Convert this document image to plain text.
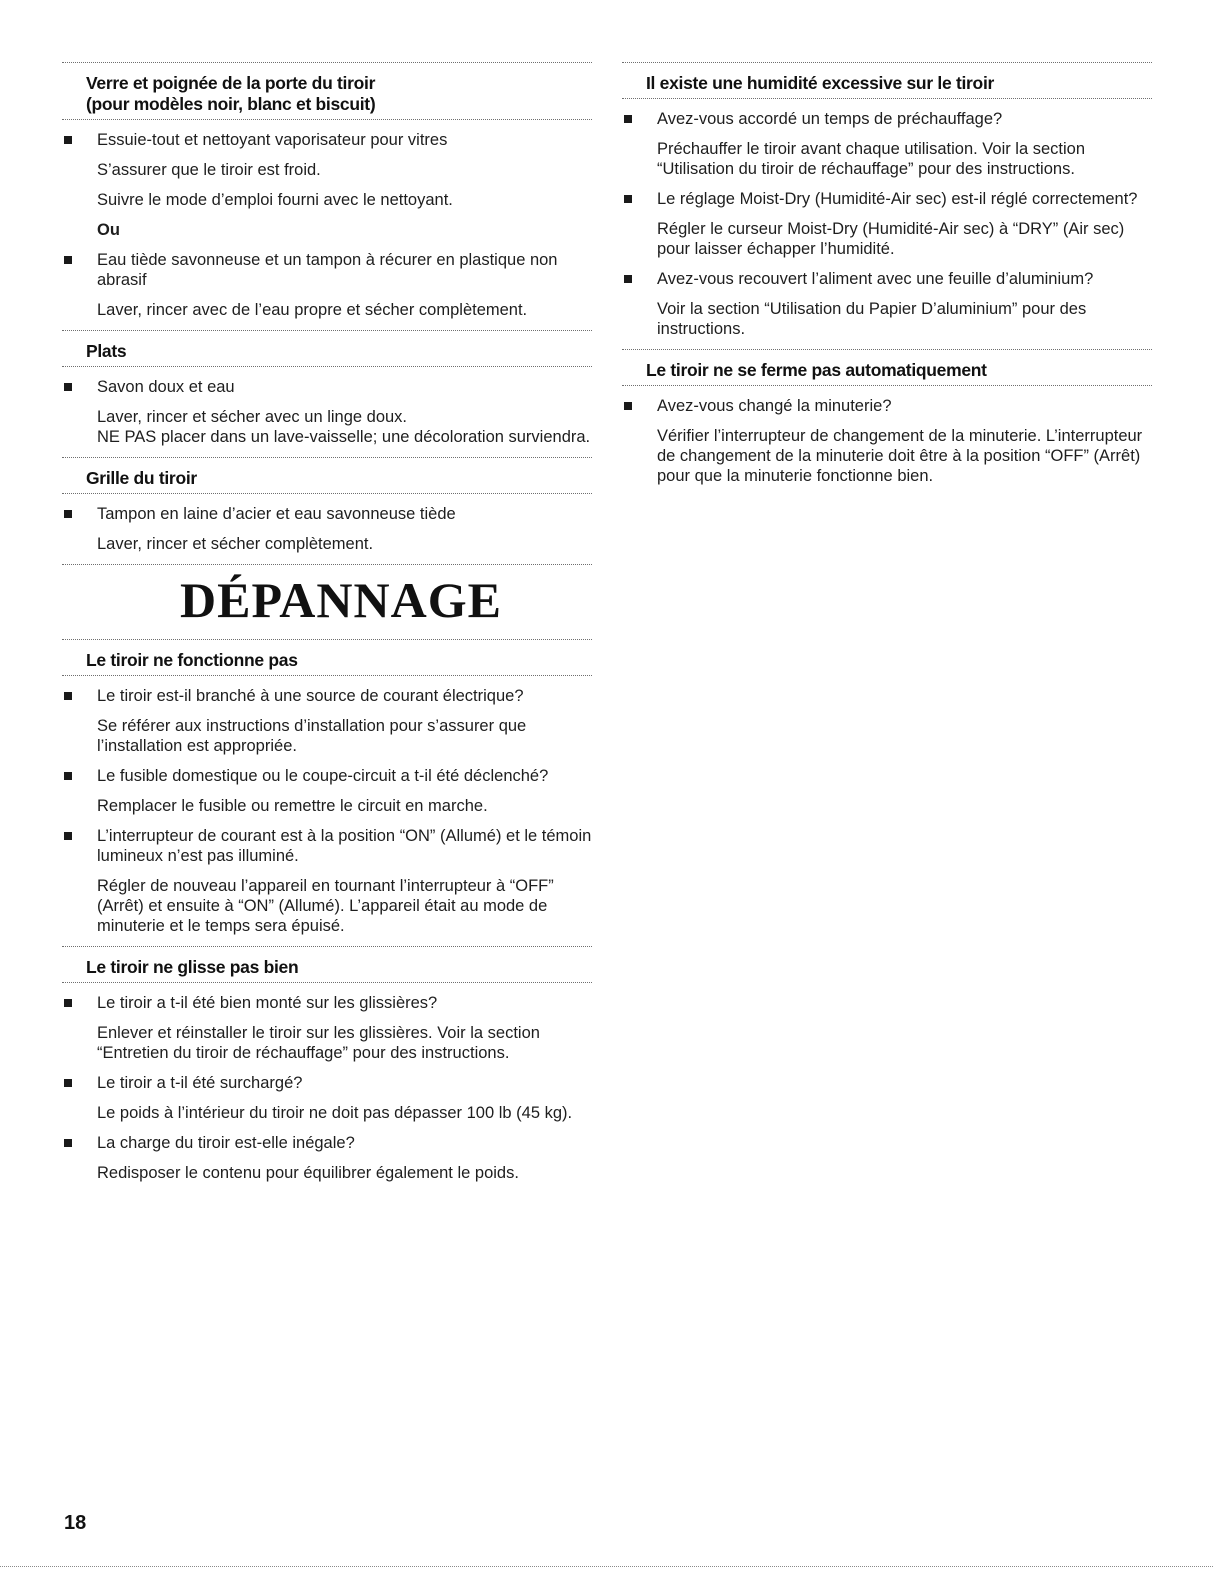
Verre et poignée de la porte du tiroir
(pour modèles noir, blanc et biscuit)
Essuie-tout et nettoyant vaporisateur pour vitres
S’assurer que le tiroir est froid.
Suivre le mode d’emploi fourni avec le nettoyant.
Ou
Eau tiède savonneuse et un tampon à récurer en plastique non abrasif
Laver, rincer avec de l’eau propre et sécher complètement.
Plats
Savon doux et eau
Laver, rincer et sécher avec un linge doux.
NE PAS placer dans un lave-vaisselle; une décoloration surviendra.
Grille du tiroir
Tampon en laine d’acier et eau savonneuse tiède
Laver, rincer et sécher complètement.
DÉPANNAGE
Le tiroir ne fonctionne pas
Le tiroir est-il branché à une source de courant électrique?
Se référer aux instructions d’installation pour s’assurer que l’installation est appropriée.
Le fusible domestique ou le coupe-circuit a t-il été déclenché?
Remplacer le fusible ou remettre le circuit en marche.
L’interrupteur de courant est à la position “ON” (Allumé) et le témoin lumineux n’est pas illuminé.
Régler de nouveau l’appareil en tournant l’interrupteur à “OFF” (Arrêt) et ensuite à “ON” (Allumé). L’appareil était au mode de minuterie et le temps sera épuisé.
Le tiroir ne glisse pas bien
Le tiroir a t-il été bien monté sur les glissières?
Enlever et réinstaller le tiroir sur les glissières. Voir la section “Entretien du tiroir de réchauffage” pour des instructions.
Le tiroir a t-il été surchargé?
Le poids à l’intérieur du tiroir ne doit pas dépasser 100 lb (45 kg).
La charge du tiroir est-elle inégale?
Redisposer le contenu pour équilibrer également le poids.
Il existe une humidité excessive sur le tiroir
Avez-vous accordé un temps de préchauffage?
Préchauffer le tiroir avant chaque utilisation. Voir la section “Utilisation du tiroir de réchauffage” pour des instructions.
Le réglage Moist-Dry (Humidité-Air sec) est-il réglé correctement?
Régler le curseur Moist-Dry (Humidité-Air sec) à “DRY” (Air sec) pour laisser échapper l’humidité.
Avez-vous recouvert l’aliment avec une feuille d’aluminium?
Voir la section “Utilisation du Papier D’aluminium” pour des instructions.
Le tiroir ne se ferme pas automatiquement
Avez-vous changé la minuterie?
Vérifier l’interrupteur de changement de la minuterie. L’interrupteur de changement de la minuterie doit être à la position “OFF” (Arrêt) pour que la minuterie fonctionne bien.
18
